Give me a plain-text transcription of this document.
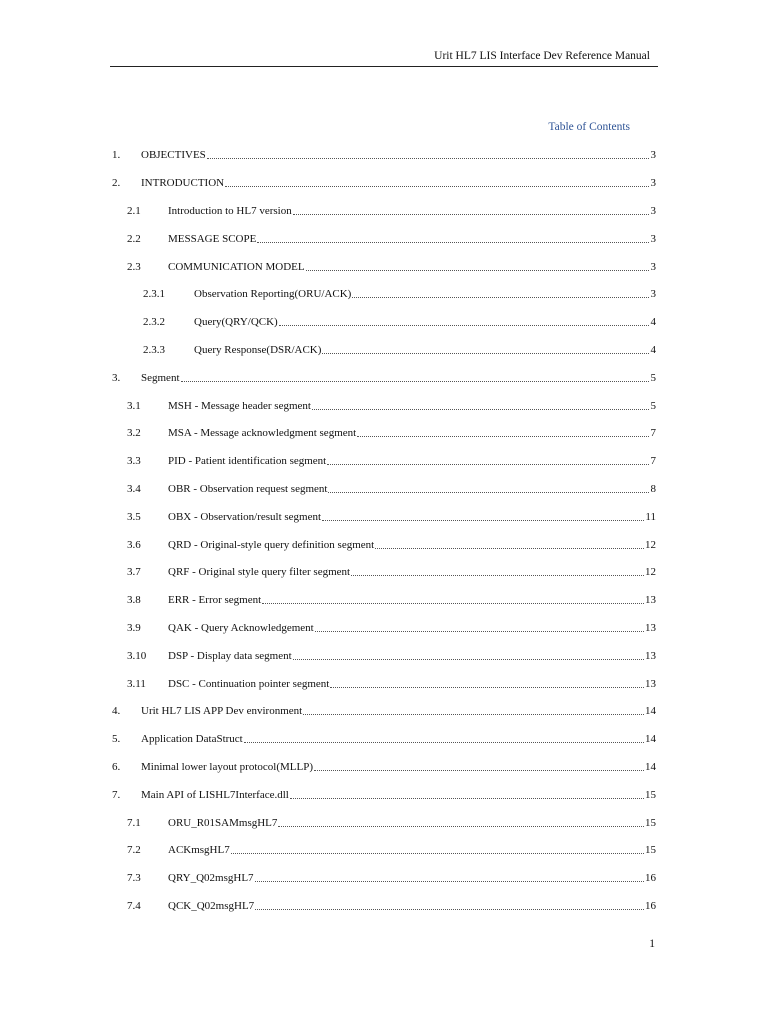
Urit HL7 LIS Interface Dev Reference Manual
Table of Contents
1.	OBJECTIVES	3
2.	INTRODUCTION	3
2.1	Introduction to HL7 version	3
2.2	MESSAGE SCOPE	3
2.3	COMMUNICATION MODEL	3
2.3.1	Observation Reporting(ORU/ACK)	3
2.3.2	Query(QRY/QCK)	4
2.3.3	Query Response(DSR/ACK)	4
3.	Segment	5
3.1	MSH - Message header segment	5
3.2	MSA - Message acknowledgment segment	7
3.3	PID - Patient identification segment	7
3.4	OBR - Observation request segment	8
3.5	OBX - Observation/result segment	11
3.6	QRD - Original-style query definition segment	12
3.7	QRF - Original style query filter segment	12
3.8	ERR - Error segment	13
3.9	QAK - Query Acknowledgement	13
3.10	DSP - Display data segment	13
3.11	DSC - Continuation pointer segment	13
4.	Urit HL7 LIS APP Dev environment	14
5.	Application DataStruct	14
6.	Minimal lower layout protocol(MLLP)	14
7.	Main API of LISHL7Interface.dll	15
7.1	ORU_R01SAMmsgHL7	15
7.2	ACKmsgHL7	15
7.3	QRY_Q02msgHL7	16
7.4	QCK_Q02msgHL7	16
1
